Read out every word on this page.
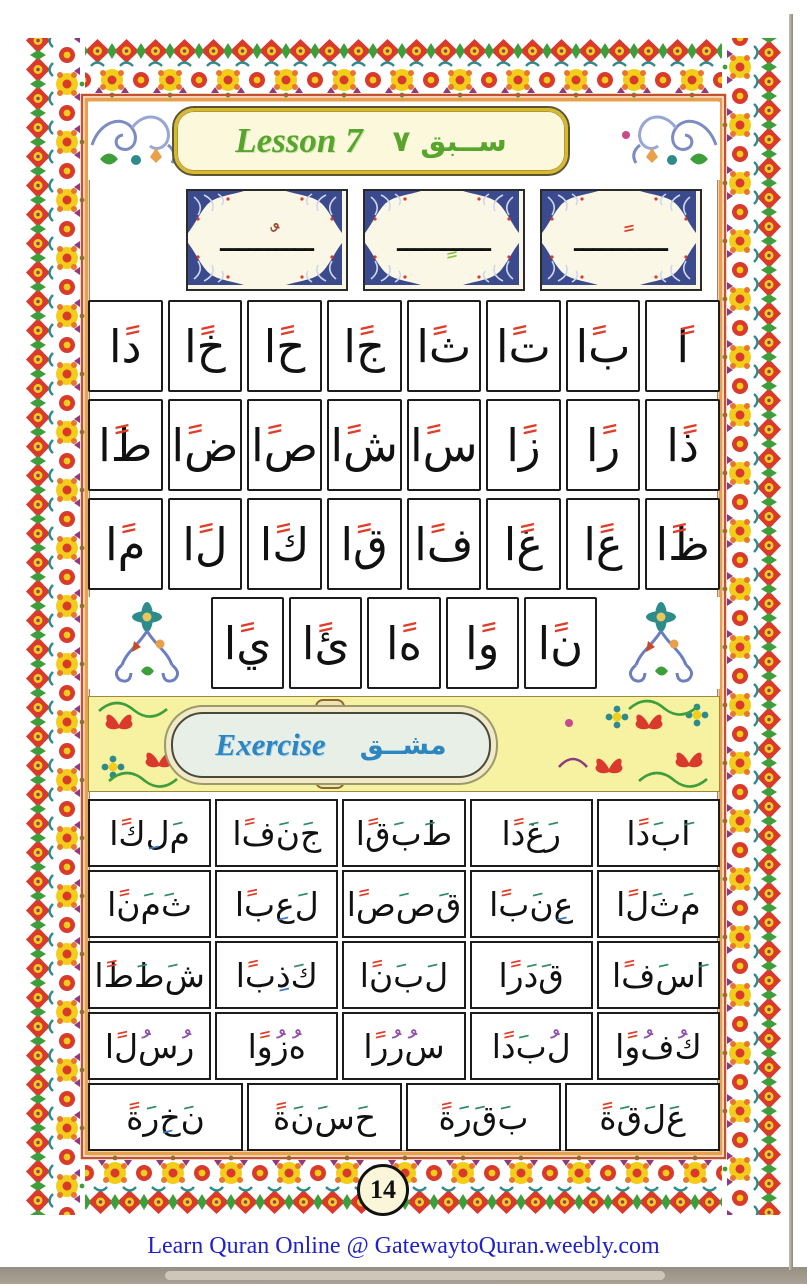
Lesson 7 ســبق ٧
ـــــ
ـــــ
ـــــ
ـــــ
ـــــ
ـــــ
ا
ب
ا
ت
ا
ث
ا
ج
ا
ح
ا
خ
ا
د
ا
ذ
ا
ر
ا
ز
ا
س
ا
ش
ا
ص
ا
ض
ا
ط
ا
ظ
ا
ع
ا
غ
ا
ف
ا
ق
ا
ك
ا
ل
ا
م
ا
ن
ا
و
ا
ه
ا
ئ
ا
ي
ا
Exercise مشــق
ا
ب
د
ا
ر
غ
د
ا
ط
ب
ق
ا
ج
ن
ف
ا
م
ل
ك
ا
م
ث
ل
ا
ع
ن
ب
ا
ق
ص
ص
ا
ل
ع
ب
ا
ث
م
ن
ا
ا
س
ف
ا
ق
د
ر
ا
ل
ب
ن
ا
ك
ذ
ب
ا
ش
ط
ط
ا
ك
ف
و
ا
ل
ب
د
ا
س
ر
ر
ا
ه
ز
و
ا
ر
س
ل
ا
ع
ل
ق
ة
ب
ق
ر
ة
ح
س
ن
ة
ن
خ
ر
ة
14
Learn Quran Online @ GatewaytoQuran.weebly.com
